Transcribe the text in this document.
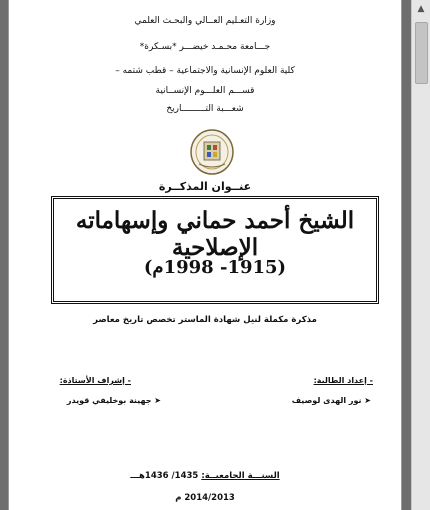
وزارة التعـليم العــالي والبحـث العلمي
جـــامعة محـمـد خيضـــر *بسـكرة*
كلية العلوم الإنسانية والاجتماعية – قطب شتمه –
قســـم العلـــوم الإنســانية
شعـــبة التـــــــــاريخ
عنــوان المذكــرة
الشيخ أحمد حماني وإسهاماته الإصلاحية
(1915- 1998م)
مذكرة مكملة لنيل شهادة الماستر تخصص تاريخ معاصر
- إعداد الطالبة:
➤ نور الهدى لوصيف
- إشراف الأستاذة:
➤ جهينة بوخليفي قويدر
السنـــة الجامعيــة: 1435/ 1436هـــ
2014/2013 م
▲
